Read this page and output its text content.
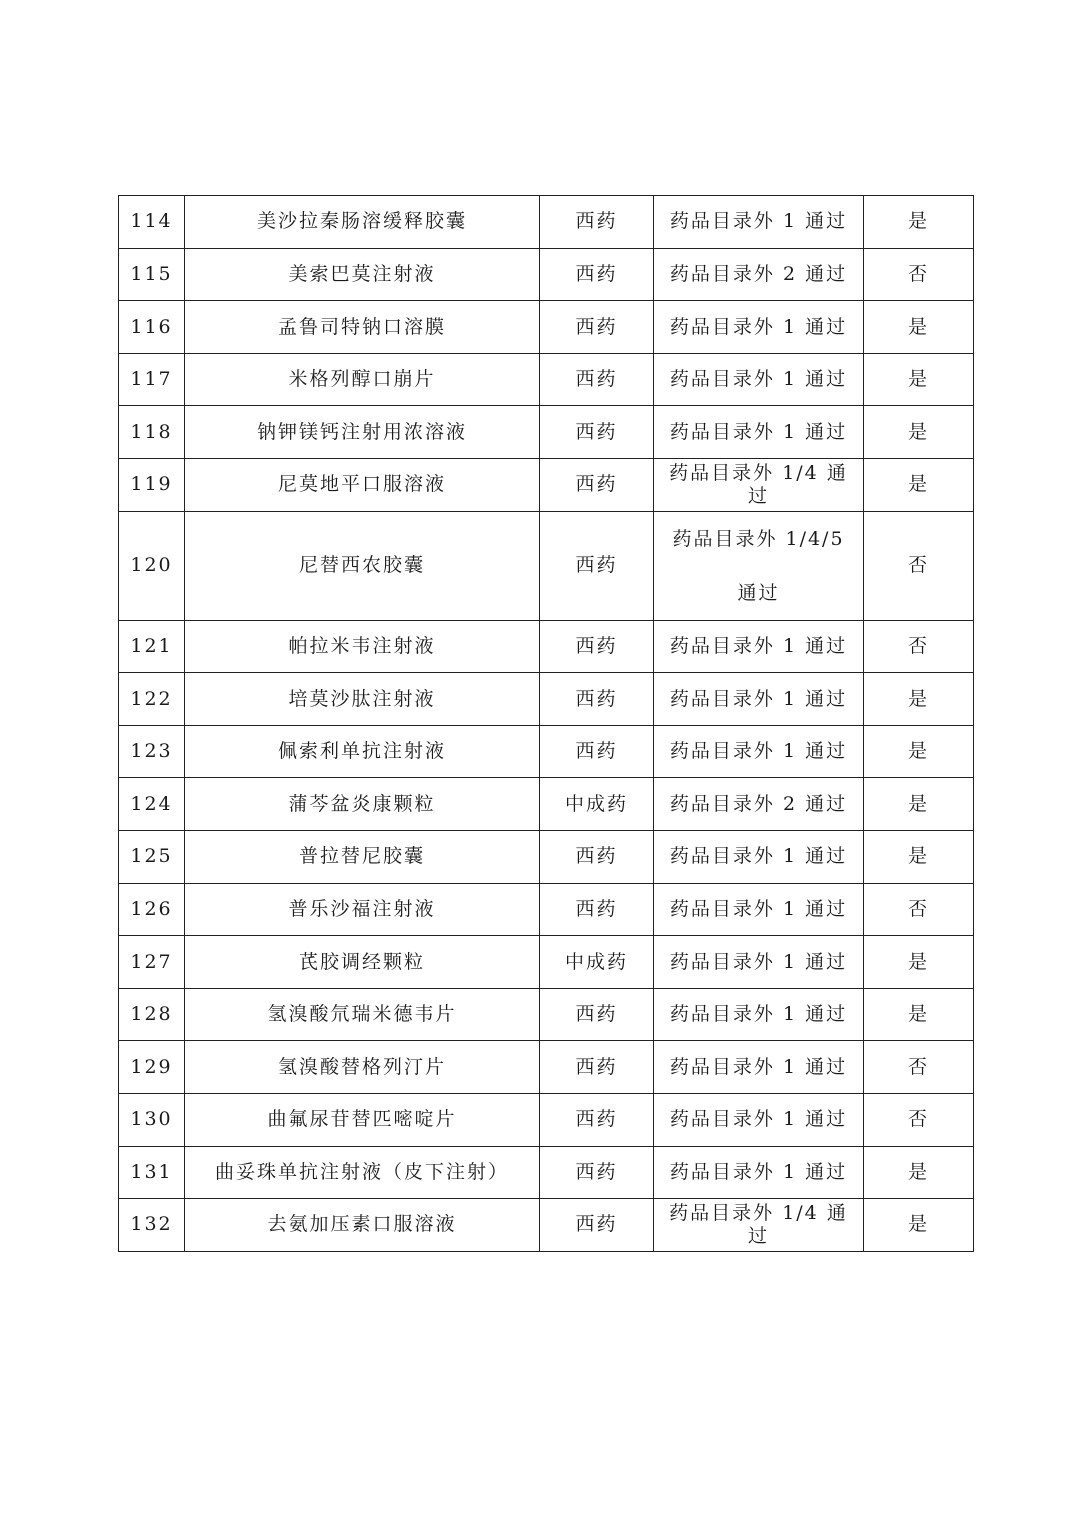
114	美沙拉秦肠溶缓释胶囊	西药	药品目录外 1 通过	是
115	美索巴莫注射液	西药	药品目录外 2 通过	否
116	孟鲁司特钠口溶膜	西药	药品目录外 1 通过	是
117	米格列醇口崩片	西药	药品目录外 1 通过	是
118	钠钾镁钙注射用浓溶液	西药	药品目录外 1 通过	是
119	尼莫地平口服溶液	西药	药品目录外 1/4 通过	是
120	尼替西农胶囊	西药	药品目录外 1/4/5 通过	否
121	帕拉米韦注射液	西药	药品目录外 1 通过	否
122	培莫沙肽注射液	西药	药品目录外 1 通过	是
123	佩索利单抗注射液	西药	药品目录外 1 通过	是
124	蒲芩盆炎康颗粒	中成药	药品目录外 2 通过	是
125	普拉替尼胶囊	西药	药品目录外 1 通过	是
126	普乐沙福注射液	西药	药品目录外 1 通过	否
127	芪胶调经颗粒	中成药	药品目录外 1 通过	是
128	氢溴酸氘瑞米德韦片	西药	药品目录外 1 通过	是
129	氢溴酸替格列汀片	西药	药品目录外 1 通过	否
130	曲氟尿苷替匹嘧啶片	西药	药品目录外 1 通过	否
131	曲妥珠单抗注射液（皮下注射）	西药	药品目录外 1 通过	是
132	去氨加压素口服溶液	西药	药品目录外 1/4 通过	是
